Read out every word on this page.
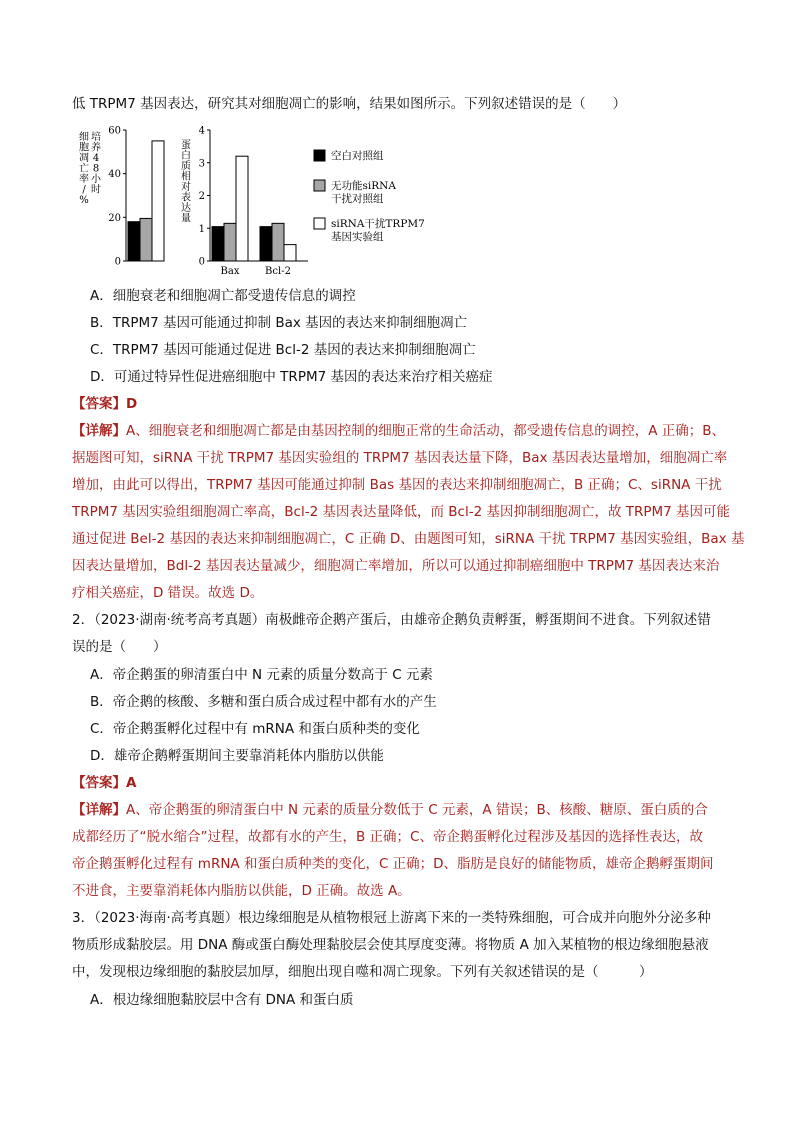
低 TRPM7 基因表达，研究其对细胞凋亡的影响，结果如图所示。下列叙述错误的是（　　）
0
20
40
60
培
养
4
8
小
时
细
胞
凋
亡
率
/
%
0
1
2
3
4
蛋
白
质
相
对
表
达
量
Bax	Bcl-2
空白对照组
无功能siRNA
干扰对照组
siRNA干扰TRPM7
基因实验组
A．细胞衰老和细胞凋亡都受遗传信息的调控
B．TRPM7 基因可能通过抑制 Bax 基因的表达来抑制细胞凋亡
C．TRPM7 基因可能通过促进 Bcl-2 基因的表达来抑制细胞凋亡
D．可通过特异性促进癌细胞中 TRPM7 基因的表达来治疗相关癌症
【答案】D
【详解】A、细胞衰老和细胞凋亡都是由基因控制的细胞正常的生命活动，都受遗传信息的调控，A 正确；B、
据题图可知，siRNA 干扰 TRPM7 基因实验组的 TRPM7 基因表达量下降，Bax 基因表达量增加，细胞凋亡率
增加，由此可以得出，TRPM7 基因可能通过抑制 Bas 基因的表达来抑制细胞凋亡，B 正确；C、siRNA 干扰
TRPM7 基因实验组细胞凋亡率高，Bcl-2 基因表达量降低，而 Bcl-2 基因抑制细胞凋亡，故 TRPM7 基因可能
通过促进 Bel-2 基因的表达来抑制细胞凋亡，C 正确 D、由题图可知，siRNA 干扰 TRPM7 基因实验组，Bax 基
因表达量增加，Bdl-2 基因表达量减少，细胞凋亡率增加，所以可以通过抑制癌细胞中 TRPM7 基因表达来治
疗相关癌症，D 错误。故选 D。
2．（2023·湖南·统考高考真题）南极雌帝企鹅产蛋后，由雄帝企鹅负责孵蛋，孵蛋期间不进食。下列叙述错
误的是（　　）
A．帝企鹅蛋的卵清蛋白中 N 元素的质量分数高于 C 元素
B．帝企鹅的核酸、多糖和蛋白质合成过程中都有水的产生
C．帝企鹅蛋孵化过程中有 mRNA 和蛋白质种类的变化
D．雄帝企鹅孵蛋期间主要靠消耗体内脂肪以供能
【答案】A
【详解】A、帝企鹅蛋的卵清蛋白中 N 元素的质量分数低于 C 元素，A 错误；B、核酸、糖原、蛋白质的合
成都经历了“脱水缩合”过程，故都有水的产生，B 正确；C、帝企鹅蛋孵化过程涉及基因的选择性表达，故
帝企鹅蛋孵化过程有 mRNA 和蛋白质种类的变化，C 正确；D、脂肪是良好的储能物质，雄帝企鹅孵蛋期间
不进食，主要靠消耗体内脂肪以供能，D 正确。故选 A。
3．（2023·海南·高考真题）根边缘细胞是从植物根冠上游离下来的一类特殊细胞，可合成并向胞外分泌多种
物质形成黏胶层。用 DNA 酶或蛋白酶处理黏胶层会使其厚度变薄。将物质 A 加入某植物的根边缘细胞悬液
中，发现根边缘细胞的黏胶层加厚，细胞出现自噬和凋亡现象。下列有关叙述错误的是（　　　）
A．根边缘细胞黏胶层中含有 DNA 和蛋白质
